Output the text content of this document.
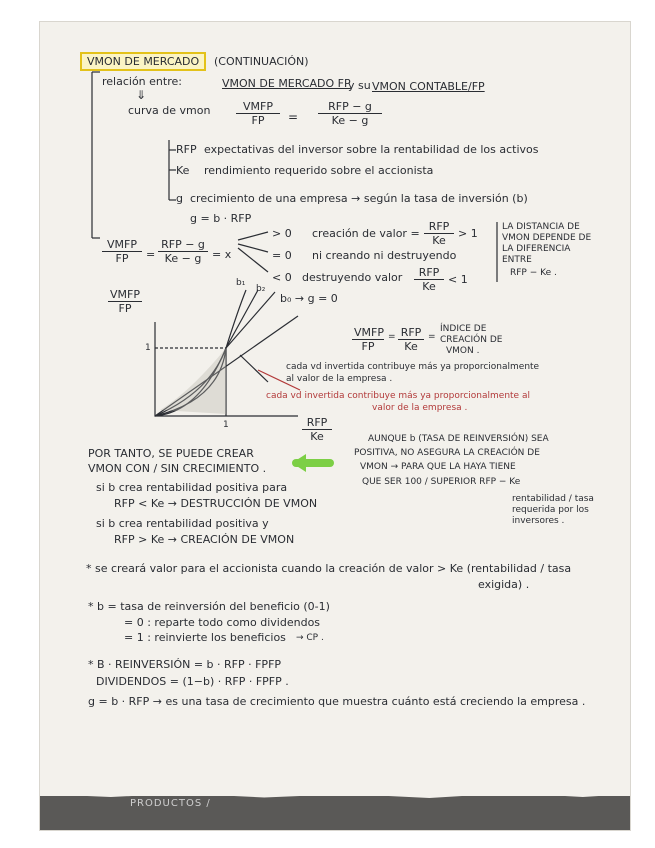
VMON DE MERCADO	(CONTINUACIÓN)
relación entre:	VMON DE MERCADO FP
y su VMON CONTABLE/FP
⇓
curva de vmon	VMFP
FP	=
RFP − g
Ke − g
RFP expectativas del inversor sobre la rentabilidad de los activos
Ke rendimiento requerido sobre el accionista
g crecimiento de una empresa → según la tasa de inversión (b)
g = b · RFP
VMFP
FP	=
RFP − g
Ke − g = x
> 0 creación de valor =
RFP
Ke
> 1
= 0 ni creando ni destruyendo
< 0 destruyendo valor	RFP
Ke
< 1
b₀ → g = 0
b₁
b₂
LA DISTANCIA DE
VMON DEPENDE DE
LA DIFERENCIA
ENTRE
RFP − Ke .
VMFP
FP
1
1	RFP
Ke
VMFP
FP
= RFP
Ke
=
ÍNDICE DE
CREACIÓN DE
VMON .
cada vd invertida contribuye más ya proporcionalmente
al valor de la empresa .
cada vd invertida contribuye más ya proporcionalmente al
valor de la empresa .
POR TANTO, SE PUEDE CREAR
VMON CON / SIN CRECIMIENTO .
si b crea rentabilidad positiva para
RFP < Ke → DESTRUCCIÓN DE VMON
si b crea rentabilidad positiva y
RFP > Ke → CREACIÓN DE VMON
AUNQUE b (TASA DE REINVERSIÓN) SEA
POSITIVA, NO ASEGURA LA CREACIÓN DE
VMON → PARA QUE LA HAYA TIENE
QUE SER 100 / SUPERIOR RFP − Ke
rentabilidad / tasa
requerida por los
inversores .
* se creará valor para el accionista cuando la creación de valor > Ke (rentabilidad / tasa
exigida) .
* b = tasa de reinversión del beneficio (0-1)
= 0 : reparte todo como dividendos
= 1 : reinvierte los beneficios → CP .
* B · REINVERSIÓN = b · RFP · FPFP
DIVIDENDOS = (1−b) · RFP · FPFP .
g = b · RFP → es una tasa de crecimiento que muestra cuánto está creciendo la empresa .
PRODUCTOS /
